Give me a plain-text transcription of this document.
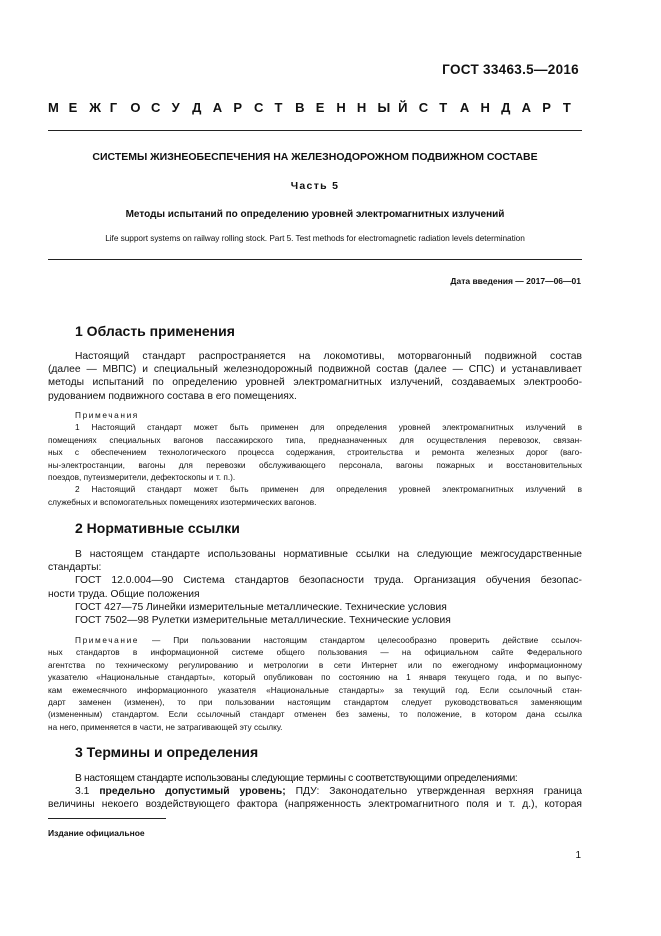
ГОСТ 33463.5—2016
М Е Ж Г	О С У Д А Р С Т В Е Н Н Ы Й С Т А Н Д А Р Т
СИСТЕМЫ ЖИЗНЕОБЕСПЕЧЕНИЯ НА ЖЕЛЕЗНОДОРОЖНОМ ПОДВИЖНОМ СОСТАВЕ
Часть 5
Методы испытаний по определению уровней электромагнитных излучений
Life support systems on railway rolling stock. Part 5. Test methods for electromagnetic radiation levels determination
Дата введения — 2017—06—01
1 Область применения
Настоящий стандарт распространяется на локомотивы, моторвагонный подвижной состав
(далее — МВПС) и специальный железнодорожный подвижной состав (далее — СПС) и устанавливает
методы испытаний по определению уровней электромагнитных излучений, создаваемых электрообо-
рудованием подвижного состава в его помещениях.
Примечания
1 Настоящий стандарт может быть применен для определения уровней электромагнитных излучений в
помещениях специальных вагонов пассажирского типа, предназначенных для осуществления перевозок, связан-
ных с обеспечением технологического процесса содержания, строительства и ремонта железных дорог (ваго-
ны-электростанции, вагоны для перевозки обслуживающего персонала, вагоны пожарных и восстановительных
поездов, путеизмерители, дефектоскопы и т. п.).
2 Настоящий стандарт может быть применен для определения уровней электромагнитных излучений в
служебных и вспомогательных помещениях изотермических вагонов.
2 Нормативные ссылки
В настоящем стандарте использованы нормативные ссылки на следующие межгосударственные
стандарты:
ГОСТ 12.0.004—90 Система стандартов безопасности труда. Организация обучения безопас-
ности труда. Общие положения
ГОСТ 427—75 Линейки измерительные металлические. Технические условия
ГОСТ 7502—98 Рулетки измерительные металлические. Технические условия
Примечание — При пользовании настоящим стандартом целесообразно проверить действие ссылоч-
ных стандартов в информационной системе общего пользования — на официальном сайте Федерального
агентства по техническому регулированию и метрологии в сети Интернет или по ежегодному информационному
указателю «Национальные стандарты», который опубликован по состоянию на 1 января текущего года, и по выпус-
кам ежемесячного информационного указателя «Национальные стандарты» за текущий год. Если ссылочный стан-
дарт заменен (изменен), то при пользовании настоящим стандартом следует руководствоваться заменяющим
(измененным) стандартом. Если ссылочный стандарт отменен без замены, то положение, в котором дана ссылка
на него, применяется в части, не затрагивающей эту ссылку.
3 Термины и определения
В настоящем стандарте использованы следующие термины с соответствующими определениями:
3.1 предельно допустимый уровень; ПДУ: Законодательно утвержденная верхняя граница
величины некоего воздействующего фактора (напряженность электромагнитного поля и т. д.), которая
Издание официальное
1
